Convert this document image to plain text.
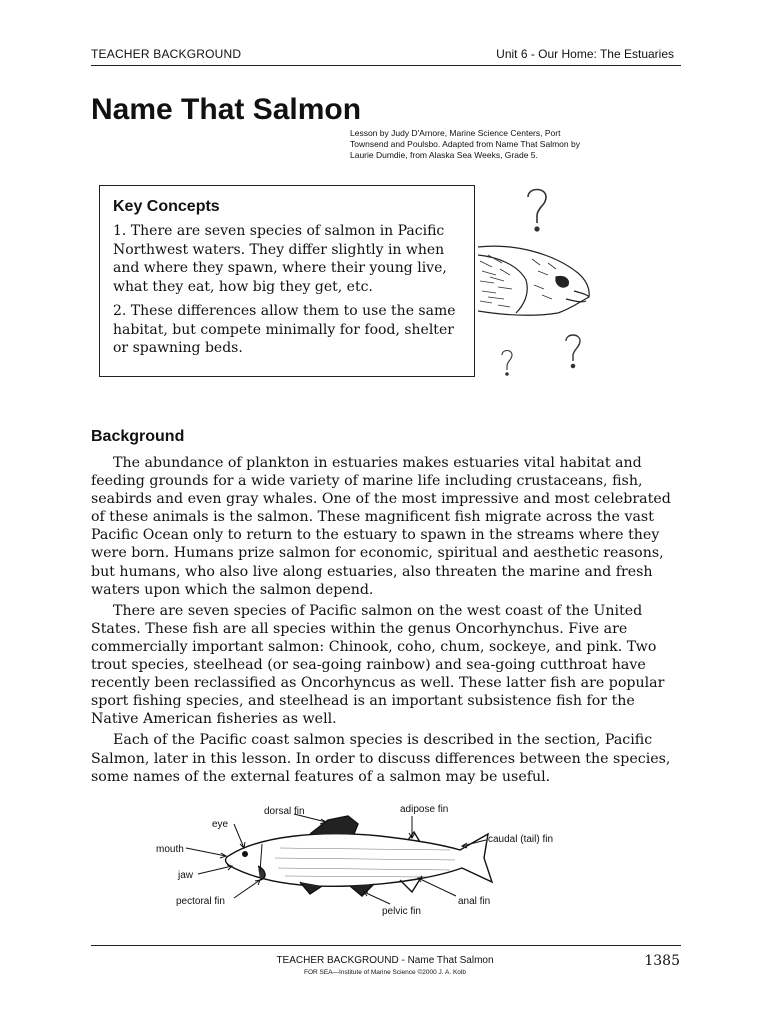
TEACHER BACKGROUND	Unit 6 - Our Home: The Estuaries
Name That Salmon
Lesson by Judy D'Arnore, Marine Science Centers, Port Townsend and Poulsbo. Adapted from Name That Salmon by Laurie Dumdie, from Alaska Sea Weeks, Grade 5.
Key Concepts
1. There are seven species of salmon in Pacific Northwest waters. They differ slightly in when and where they spawn, where their young live, what they eat, how big they get, etc.
2. These differences allow them to use the same habitat, but compete minimally for food, shelter or spawning beds.
Background

The abundance of plankton in estuaries makes estuaries vital habitat and feeding grounds for a wide variety of marine life including crustaceans, fish, seabirds and even gray whales. One of the most impressive and most celebrated of these animals is the salmon. These magnificent fish migrate across the vast Pacific Ocean only to return to the estuary to spawn in the streams where they were born. Humans prize salmon for economic, spiritual and aesthetic reasons, but humans, who also live along estuaries, also threaten the marine and fresh waters upon which the salmon depend.

There are seven species of Pacific salmon on the west coast of the United States. These fish are all species within the genus Oncorhynchus. Five are commercially important salmon: Chinook, coho, chum, sockeye, and pink. Two trout species, steelhead (or sea-going rainbow) and sea-going cutthroat have recently been reclassified as Oncorhyncus as well. These latter fish are popular sport fishing species, and steelhead is an important subsistence fish for the Native American fisheries as well.

Each of the Pacific coast salmon species is described in the section, Pacific Salmon, later in this lesson. In order to discuss differences between the species, some names of the external features of a salmon may be useful.

eye
dorsal fin	adipose fin
caudal (tail) fin
mouth
jaw
pectoral fin
pelvic fin
anal fin
TEACHER BACKGROUND - Name That Salmon
FOR SEA—Institute of Marine Science ©2000 J. A. Kolb
1385
